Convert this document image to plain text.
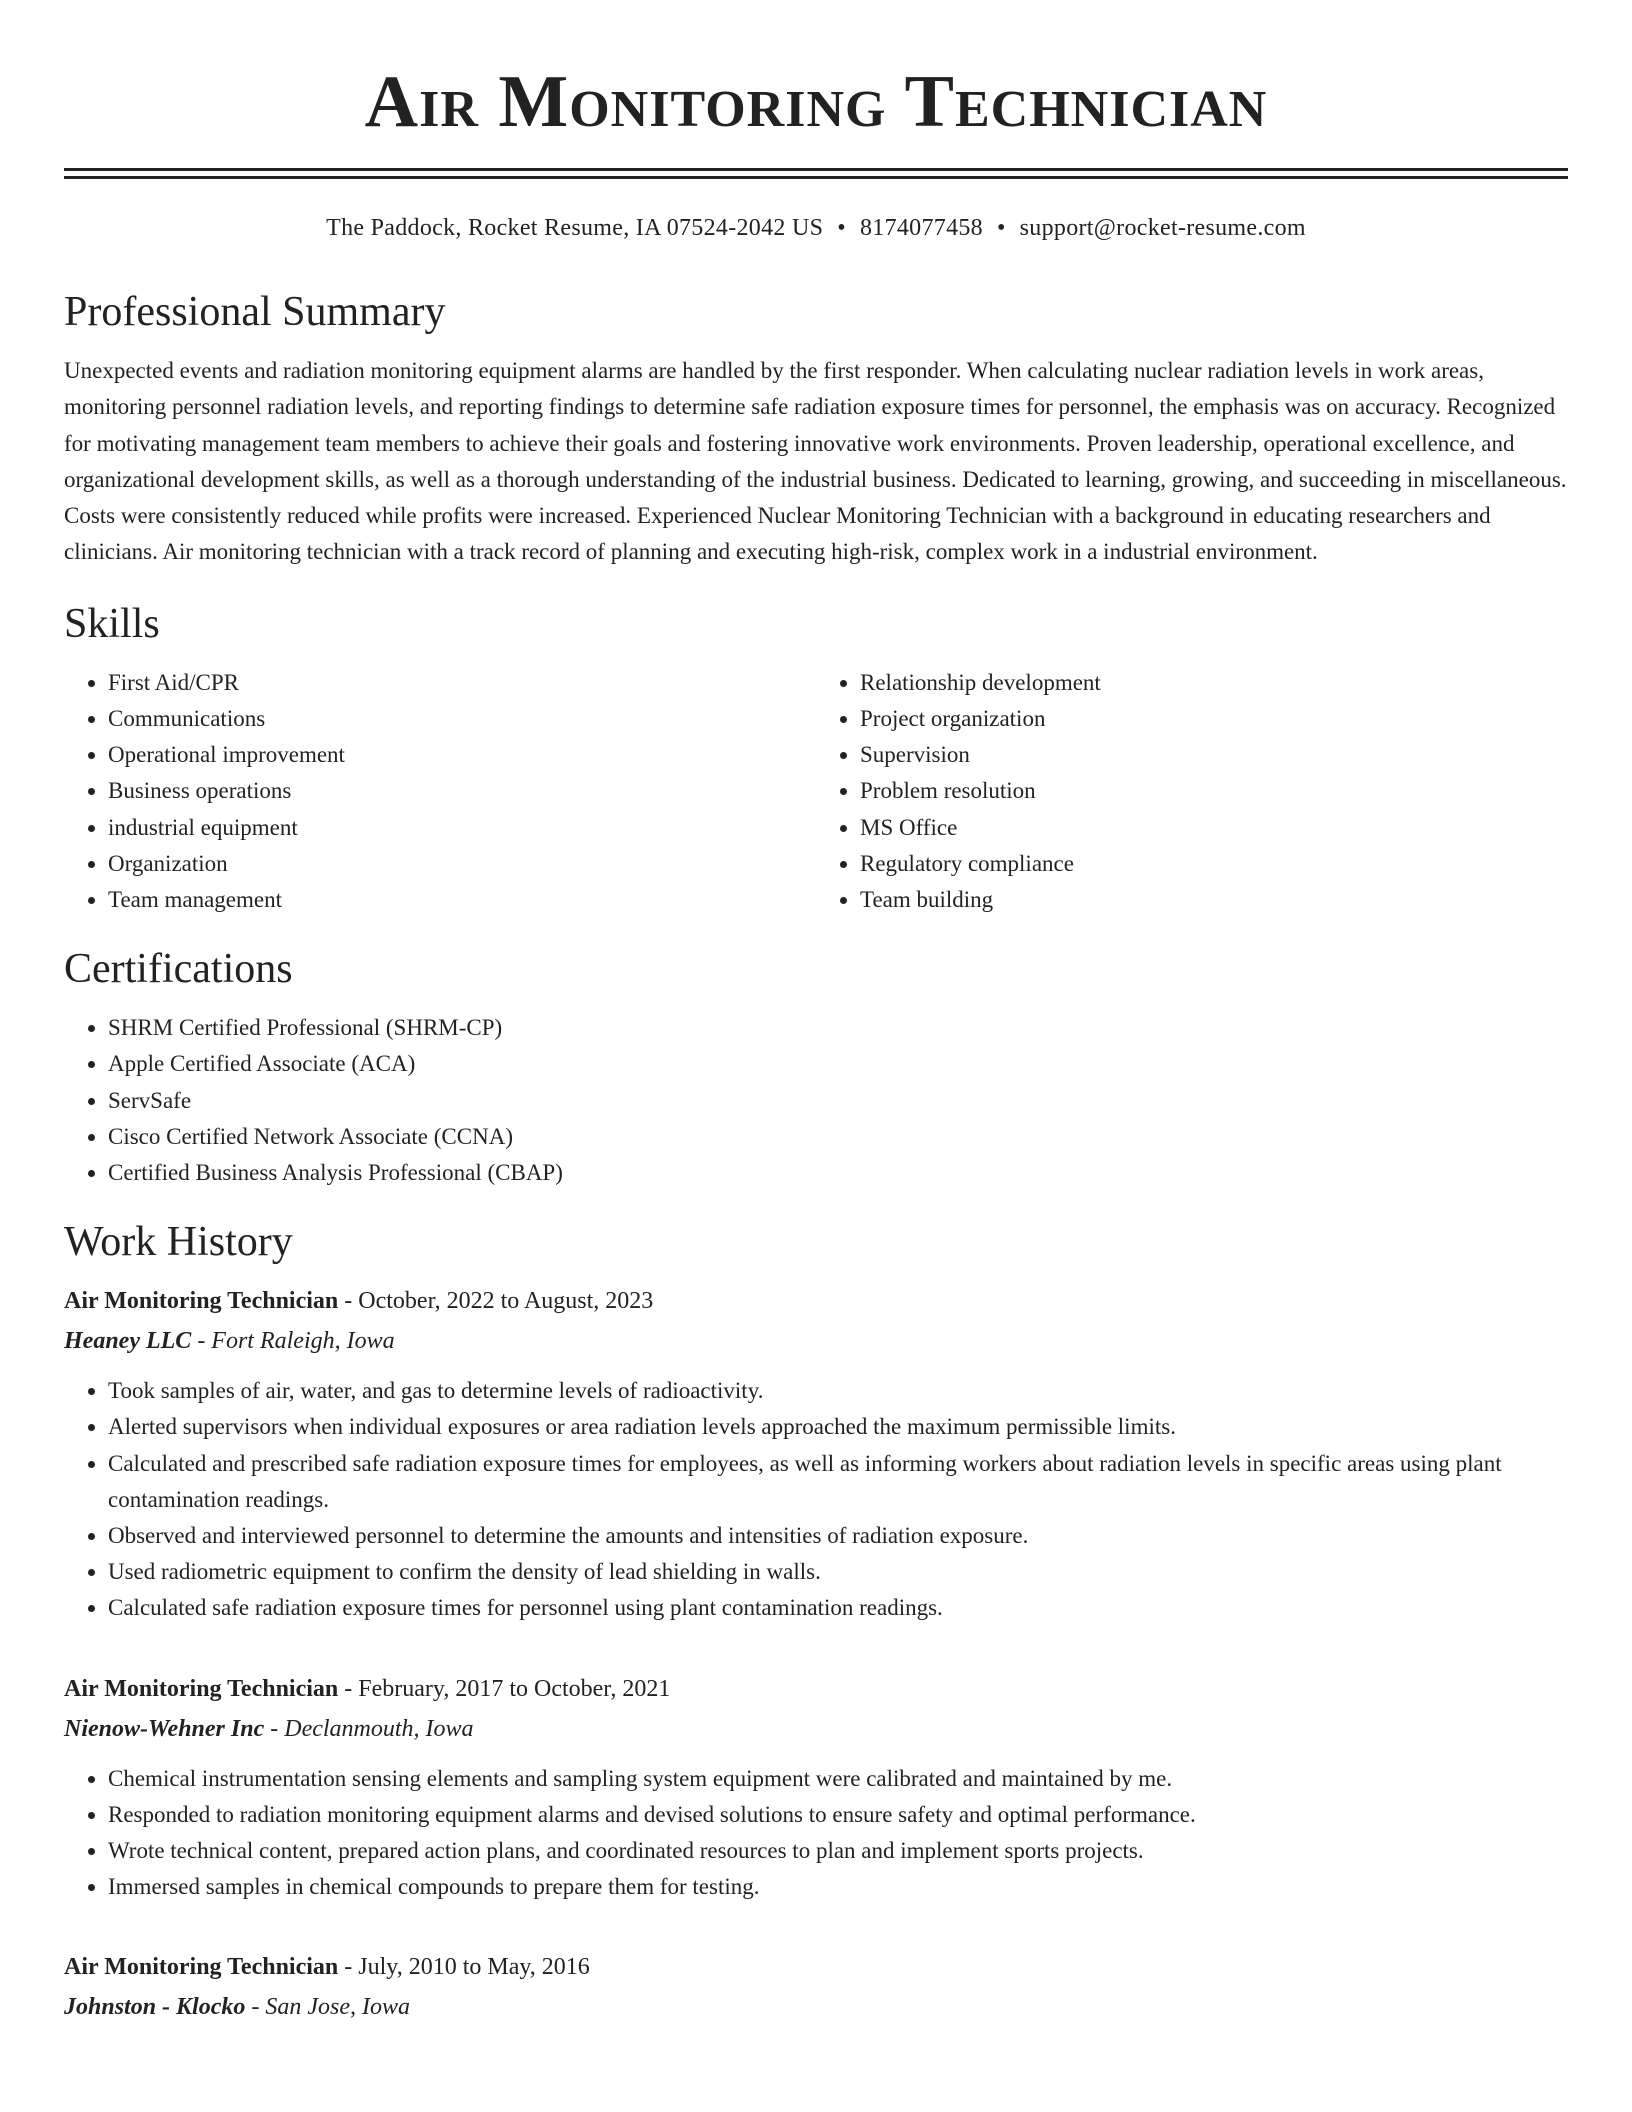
Air Monitoring Technician
The Paddock, Rocket Resume, IA 07524-2042 US • 8174077458 • support@rocket-resume.com
Professional Summary
Unexpected events and radiation monitoring equipment alarms are handled by the first responder. When calculating nuclear radiation levels in work areas, monitoring personnel radiation levels, and reporting findings to determine safe radiation exposure times for personnel, the emphasis was on accuracy. Recognized for motivating management team members to achieve their goals and fostering innovative work environments. Proven leadership, operational excellence, and organizational development skills, as well as a thorough understanding of the industrial business. Dedicated to learning, growing, and succeeding in miscellaneous. Costs were consistently reduced while profits were increased. Experienced Nuclear Monitoring Technician with a background in educating researchers and clinicians. Air monitoring technician with a track record of planning and executing high-risk, complex work in a industrial environment.
Skills
• First Aid/CPR
• Communications
• Operational improvement
• Business operations
• industrial equipment
• Organization
• Team management
• Relationship development
• Project organization
• Supervision
• Problem resolution
• MS Office
• Regulatory compliance
• Team building
Certifications
• SHRM Certified Professional (SHRM-CP)
• Apple Certified Associate (ACA)
• ServSafe
• Cisco Certified Network Associate (CCNA)
• Certified Business Analysis Professional (CBAP)
Work History
Air Monitoring Technician - October, 2022 to August, 2023
Heaney LLC - Fort Raleigh, Iowa
• Took samples of air, water, and gas to determine levels of radioactivity.
• Alerted supervisors when individual exposures or area radiation levels approached the maximum permissible limits.
• Calculated and prescribed safe radiation exposure times for employees, as well as informing workers about radiation levels in specific areas using plant contamination readings.
• Observed and interviewed personnel to determine the amounts and intensities of radiation exposure.
• Used radiometric equipment to confirm the density of lead shielding in walls.
• Calculated safe radiation exposure times for personnel using plant contamination readings.
Air Monitoring Technician - February, 2017 to October, 2021
Nienow-Wehner Inc - Declanmouth, Iowa
• Chemical instrumentation sensing elements and sampling system equipment were calibrated and maintained by me.
• Responded to radiation monitoring equipment alarms and devised solutions to ensure safety and optimal performance.
• Wrote technical content, prepared action plans, and coordinated resources to plan and implement sports projects.
• Immersed samples in chemical compounds to prepare them for testing.
Air Monitoring Technician - July, 2010 to May, 2016
Johnston - Klocko - San Jose, Iowa
